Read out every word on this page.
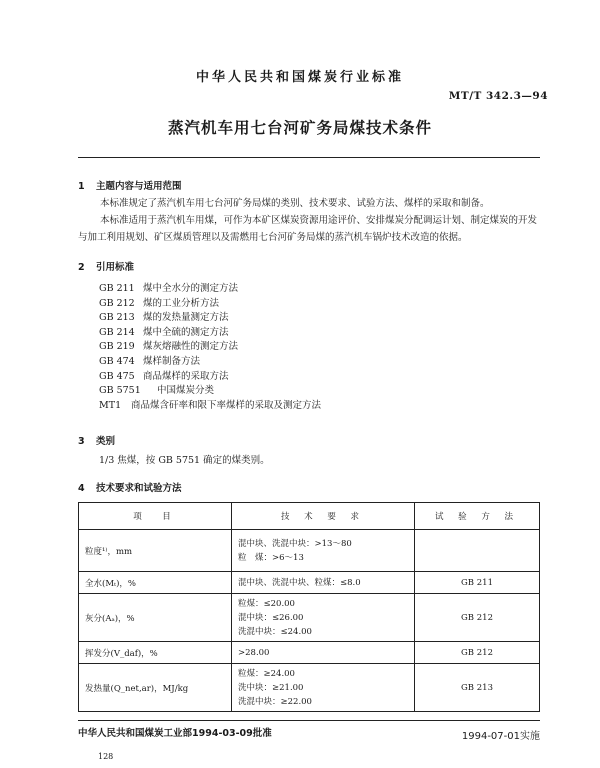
中华人民共和国煤炭行业标准
MT/T 342.3—94
蒸汽机车用七台河矿务局煤技术条件
1 主题内容与适用范围
本标准规定了蒸汽机车用七台河矿务局煤的类别、技术要求、试验方法、煤样的采取和制备。
本标准适用于蒸汽机车用煤，可作为本矿区煤炭资源用途评价、安排煤炭分配调运计划、制定煤炭的开发与加工利用规划、矿区煤质管理以及需燃用七台河矿务局煤的蒸汽机车锅炉技术改造的依据。
2 引用标准
GB 211 煤中全水分的测定方法
GB 212 煤的工业分析方法
GB 213 煤的发热量测定方法
GB 214 煤中全硫的测定方法
GB 219 煤灰熔融性的测定方法
GB 474 煤样制备方法
GB 475 商品煤样的采取方法
GB 5751 中国煤炭分类
MT1 商品煤含矸率和限下率煤样的采取及测定方法
3 类别
1/3 焦煤，按 GB 5751 确定的煤类别。
4 技术要求和试验方法
项　目	技 术 要 求	试 验 方 法
粒度¹⁾，mm	混中块、洗混中块：>13～80
粒　煤：>6～13	

全水(Mₜ)，%	混中块、洗混中块、粒煤：≤8.0	GB 211
灰分(Aₐ)，%	粒煤：≤20.00
混中块：≤26.00
洗混中块：≤24.00	GB 212
挥发分(V_daf)，%	>28.00	GB 212
发热量(Q_net,ar)，MJ/kg	粒煤：≥24.00
洗中块：≥21.00
洗混中块：≥22.00	GB 213
中华人民共和国煤炭工业部1994-03-09批准	1994-07-01实施
128
